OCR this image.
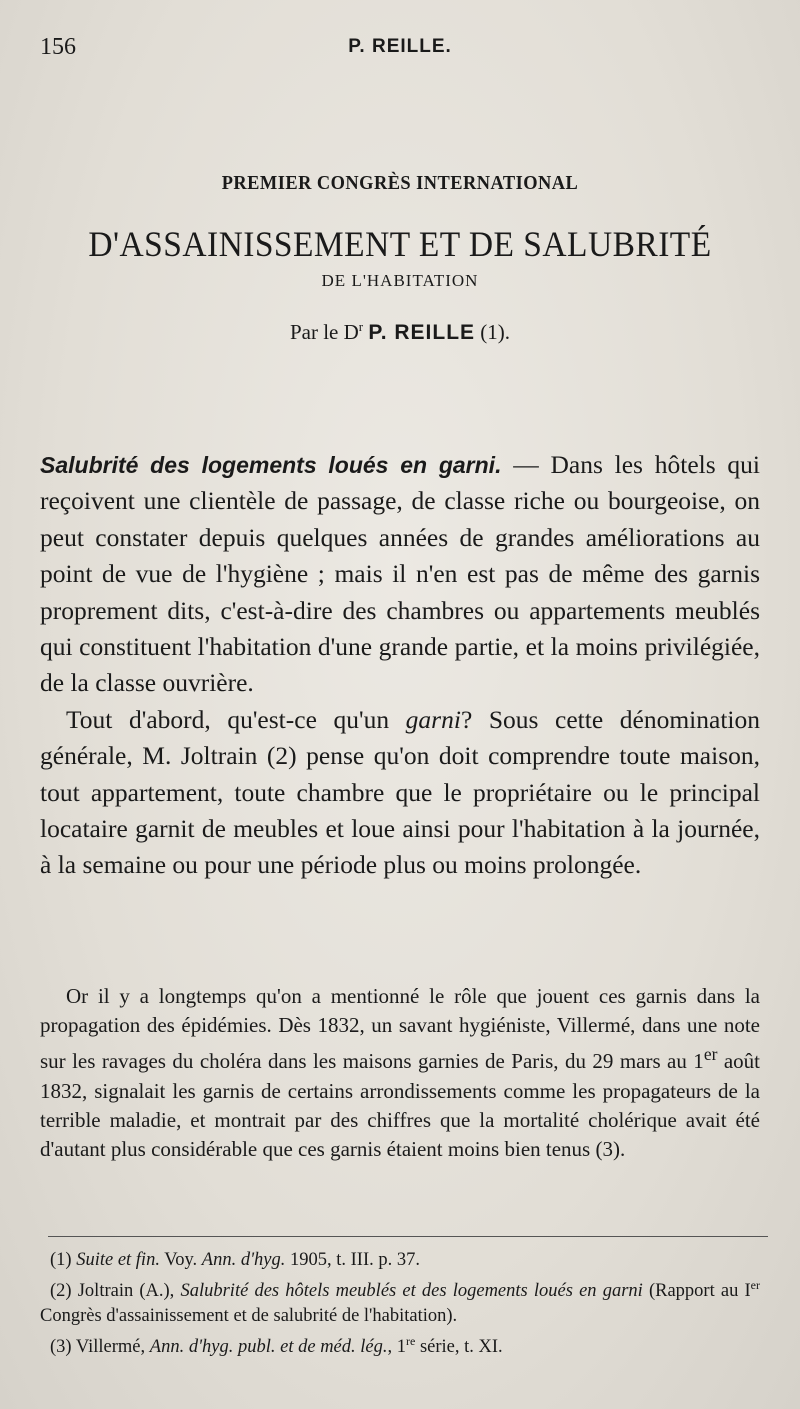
156	P. REILLE.
PREMIER CONGRÈS INTERNATIONAL
D'ASSAINISSEMENT ET DE SALUBRITÉ
DE L'HABITATION
Par le $D^r$ P. REILLE (1).

Salubrité des logements loués en garni. — Dans les hôtels qui reçoivent une clientèle de passage, de classe riche ou bourgeoise, on peut constater depuis quelques années de grandes améliorations au point de vue de l'hygiène ; mais il n'en est pas de même des garnis proprement dits, c'est-à-dire des chambres ou appartements meublés qui constituent l'habitation d'une grande partie, et la moins privilégiée, de la classe ouvrière.

Tout d'abord, qu'est-ce qu'un garni? Sous cette dénomination générale, M. Joltrain (2) pense qu'on doit comprendre toute maison, tout appartement, toute chambre que le propriétaire ou le principal locataire garnit de meubles et loue ainsi pour l'habitation à la journée, à la semaine ou pour une période plus ou moins prolongée.

Or il y a longtemps qu'on a mentionné le rôle que jouent ces garnis dans la propagation des épidémies. Dès 1832, un savant hygiéniste, Villermé, dans une note sur les ravages du choléra dans les maisons garnies de Paris, du 29 mars au 1er août 1832, signalait les garnis de certains arrondissements comme les propagateurs de la terrible maladie, et montrait par des chiffres que la mortalité cholérique avait été d'autant plus considérable que ces garnis étaient moins bien tenus (3).

(1) Suite et fin. Voy. Ann. d'hyg. 1905, t. III. p. 37.

(2) Joltrain (A.), Salubrité des hôtels meublés et des logements loués en garni (Rapport au Ier Congrès d'assainissement et de salubrité de l'habitation).

(3) Villermé, Ann. d'hyg. publ. et de méd. lég., 1re série, t. XI.
